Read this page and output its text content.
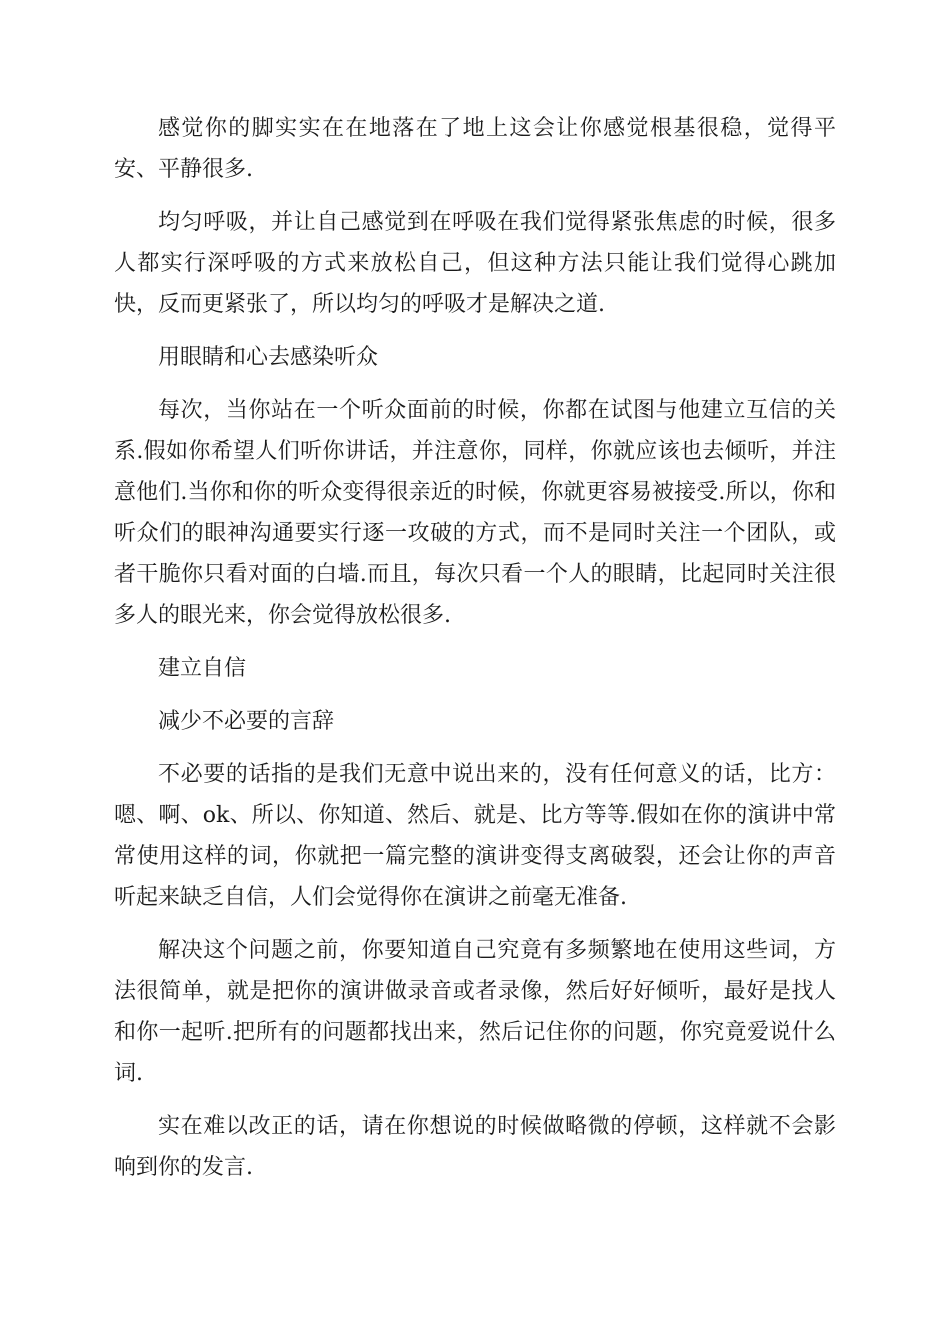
感觉你的脚实实在在地落在了地上这会让你感觉根基很稳，觉得平安、平静很多.

均匀呼吸，并让自己感觉到在呼吸在我们觉得紧张焦虑的时候，很多人都实行深呼吸的方式来放松自己，但这种方法只能让我们觉得心跳加快，反而更紧张了，所以均匀的呼吸才是解决之道.

用眼睛和心去感染听众

每次，当你站在一个听众面前的时候，你都在试图与他建立互信的关系.假如你希望人们听你讲话，并注意你，同样，你就应该也去倾听，并注意他们.当你和你的听众变得很亲近的时候，你就更容易被接受.所以，你和听众们的眼神沟通要实行逐一攻破的方式，而不是同时关注一个团队，或者干脆你只看对面的白墙.而且，每次只看一个人的眼睛，比起同时关注很多人的眼光来，你会觉得放松很多.

建立自信

减少不必要的言辞

不必要的话指的是我们无意中说出来的，没有任何意义的话，比方：嗯、啊、ok、所以、你知道、然后、就是、比方等等.假如在你的演讲中常常使用这样的词，你就把一篇完整的演讲变得支离破裂，还会让你的声音听起来缺乏自信，人们会觉得你在演讲之前毫无准备.

解决这个问题之前，你要知道自己究竟有多频繁地在使用这些词，方法很简单，就是把你的演讲做录音或者录像，然后好好倾听，最好是找人和你一起听.把所有的问题都找出来，然后记住你的问题，你究竟爱说什么词.

实在难以改正的话，请在你想说的时候做略微的停顿，这样就不会影响到你的发言.
